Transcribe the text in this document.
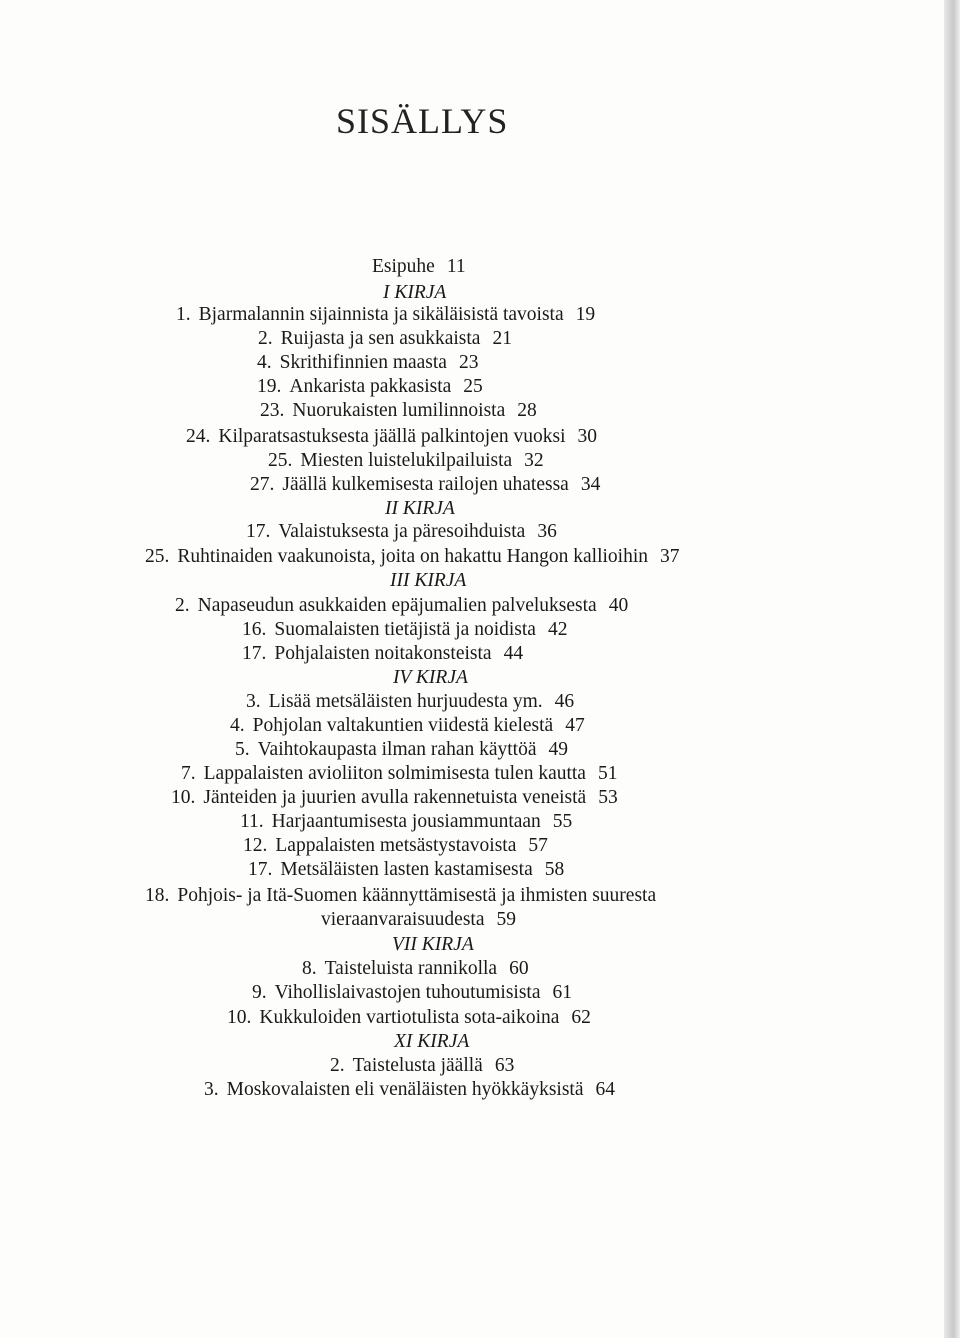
SISÄLLYS
Esipuhe 11
I KIRJA
1. Bjarmalannin sijainnista ja sikäläisistä tavoista 19
2. Ruijasta ja sen asukkaista 21
4. Skrithifinnien maasta 23
19. Ankarista pakkasista 25
23. Nuorukaisten lumilinnoista 28
24. Kilparatsastuksesta jäällä palkintojen vuoksi 30
25. Miesten luistelukilpailuista 32
27. Jäällä kulkemisesta railojen uhatessa 34
II KIRJA
17. Valaistuksesta ja päresoihduista 36
25. Ruhtinaiden vaakunoista, joita on hakattu Hangon kallioihin 37
III KIRJA
2. Napaseudun asukkaiden epäjumalien palveluksesta 40
16. Suomalaisten tietäjistä ja noidista 42
17. Pohjalaisten noitakonsteista 44
IV KIRJA
3. Lisää metsäläisten hurjuudesta ym. 46
4. Pohjolan valtakuntien viidestä kielestä 47
5. Vaihtokaupasta ilman rahan käyttöä 49
7. Lappalaisten avioliiton solmimisesta tulen kautta 51
10. Jänteiden ja juurien avulla rakennetuista veneistä 53
11. Harjaantumisesta jousiammuntaan 55
12. Lappalaisten metsästystavoista 57
17. Metsäläisten lasten kastamisesta 58
18. Pohjois- ja Itä-Suomen käännyttämisestä ja ihmisten suuresta
vieraanvaraisuudesta 59
VII KIRJA
8. Taisteluista rannikolla 60
9. Vihollislaivastojen tuhoutumisista 61
10. Kukkuloiden vartiotulista sota-aikoina 62
XI KIRJA
2. Taistelusta jäällä 63
3. Moskovalaisten eli venäläisten hyökkäyksistä 64
